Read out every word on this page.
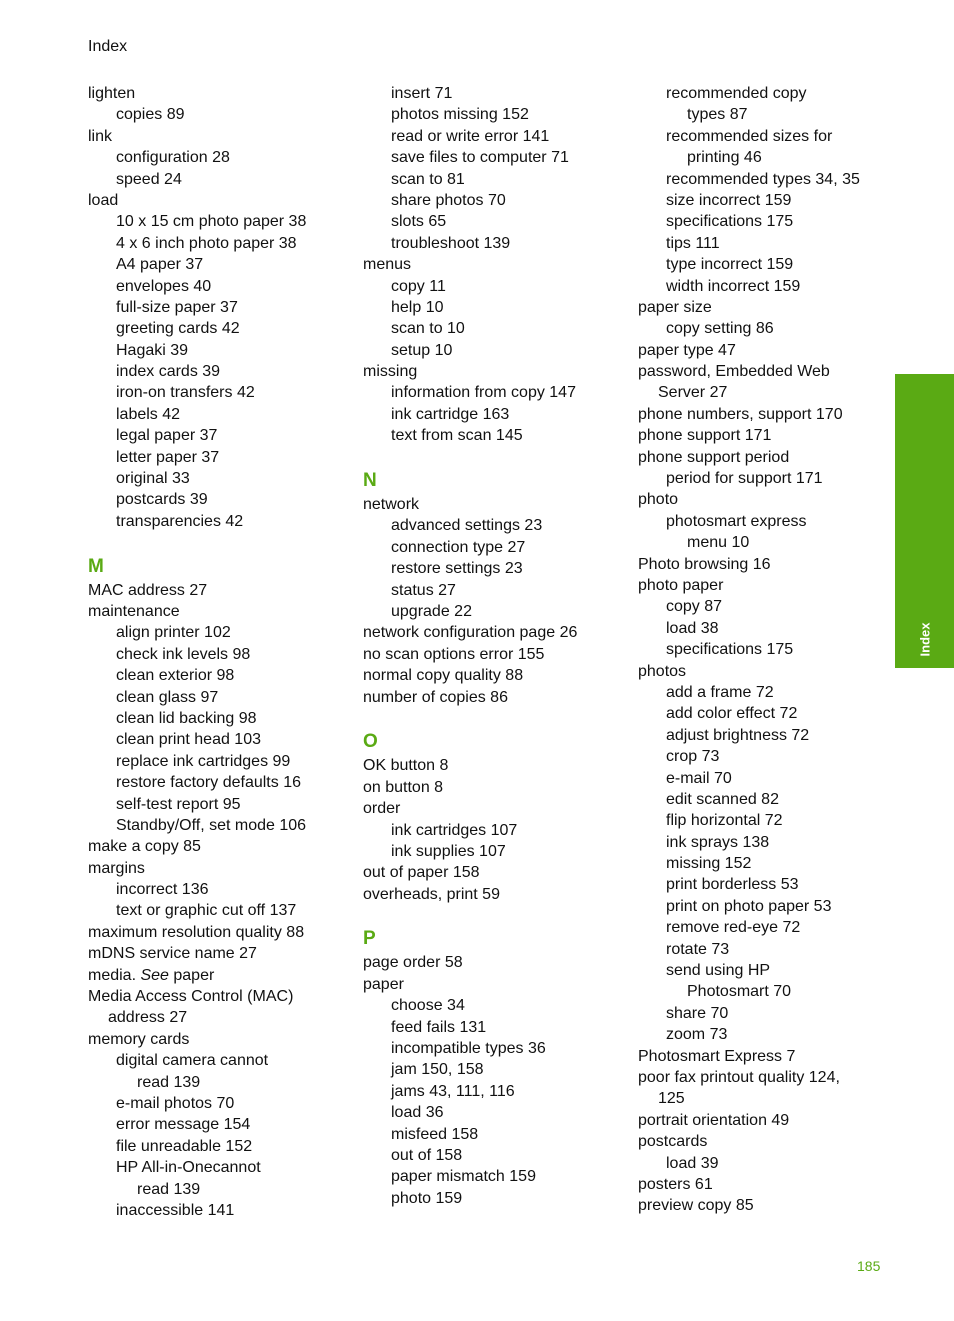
Index
lighten
copies 89
link
configuration 28
speed 24
load
10 x 15 cm photo paper 38
4 x 6 inch photo paper 38
A4 paper 37
envelopes 40
full-size paper 37
greeting cards 42
Hagaki 39
index cards 39
iron-on transfers 42
labels 42
legal paper 37
letter paper 37
original 33
postcards 39
transparencies 42
M
MAC address 27
maintenance
align printer 102
check ink levels 98
clean exterior 98
clean glass 97
clean lid backing 98
clean print head 103
replace ink cartridges 99
restore factory defaults 16
self-test report 95
Standby/Off, set mode 106
make a copy 85
margins
incorrect 136
text or graphic cut off 137
maximum resolution quality 88
mDNS service name 27
media. See paper
Media Access Control (MAC)
address 27
memory cards
digital camera cannot
read 139
e-mail photos 70
error message 154
file unreadable 152
HP All-in-Onecannot
read 139
inaccessible 141
insert 71
photos missing 152
read or write error 141
save files to computer 71
scan to 81
share photos 70
slots 65
troubleshoot 139
menus
copy 11
help 10
scan to 10
setup 10
missing
information from copy 147
ink cartridge 163
text from scan 145
N
network
advanced settings 23
connection type 27
restore settings 23
status 27
upgrade 22
network configuration page 26
no scan options error 155
normal copy quality 88
number of copies 86
O
OK button 8
on button 8
order
ink cartridges 107
ink supplies 107
out of paper 158
overheads, print 59
P
page order 58
paper
choose 34
feed fails 131
incompatible types 36
jam 150, 158
jams 43, 111, 116
load 36
misfeed 158
out of 158
paper mismatch 159
photo 159
recommended copy
types 87
recommended sizes for
printing 46
recommended types 34, 35
size incorrect 159
specifications 175
tips 111
type incorrect 159
width incorrect 159
paper size
copy setting 86
paper type 47
password, Embedded Web
Server 27
phone numbers, support 170
phone support 171
phone support period
period for support 171
photo
photosmart express
menu 10
Photo browsing 16
photo paper
copy 87
load 38
specifications 175
photos
add a frame 72
add color effect 72
adjust brightness 72
crop 73
e-mail 70
edit scanned 82
flip horizontal 72
ink sprays 138
missing 152
print borderless 53
print on photo paper 53
remove red-eye 72
rotate 73
send using HP
Photosmart 70
share 70
zoom 73
Photosmart Express 7
poor fax printout quality 124,
125
portrait orientation 49
postcards
load 39
posters 61
preview copy 85
Index
185
